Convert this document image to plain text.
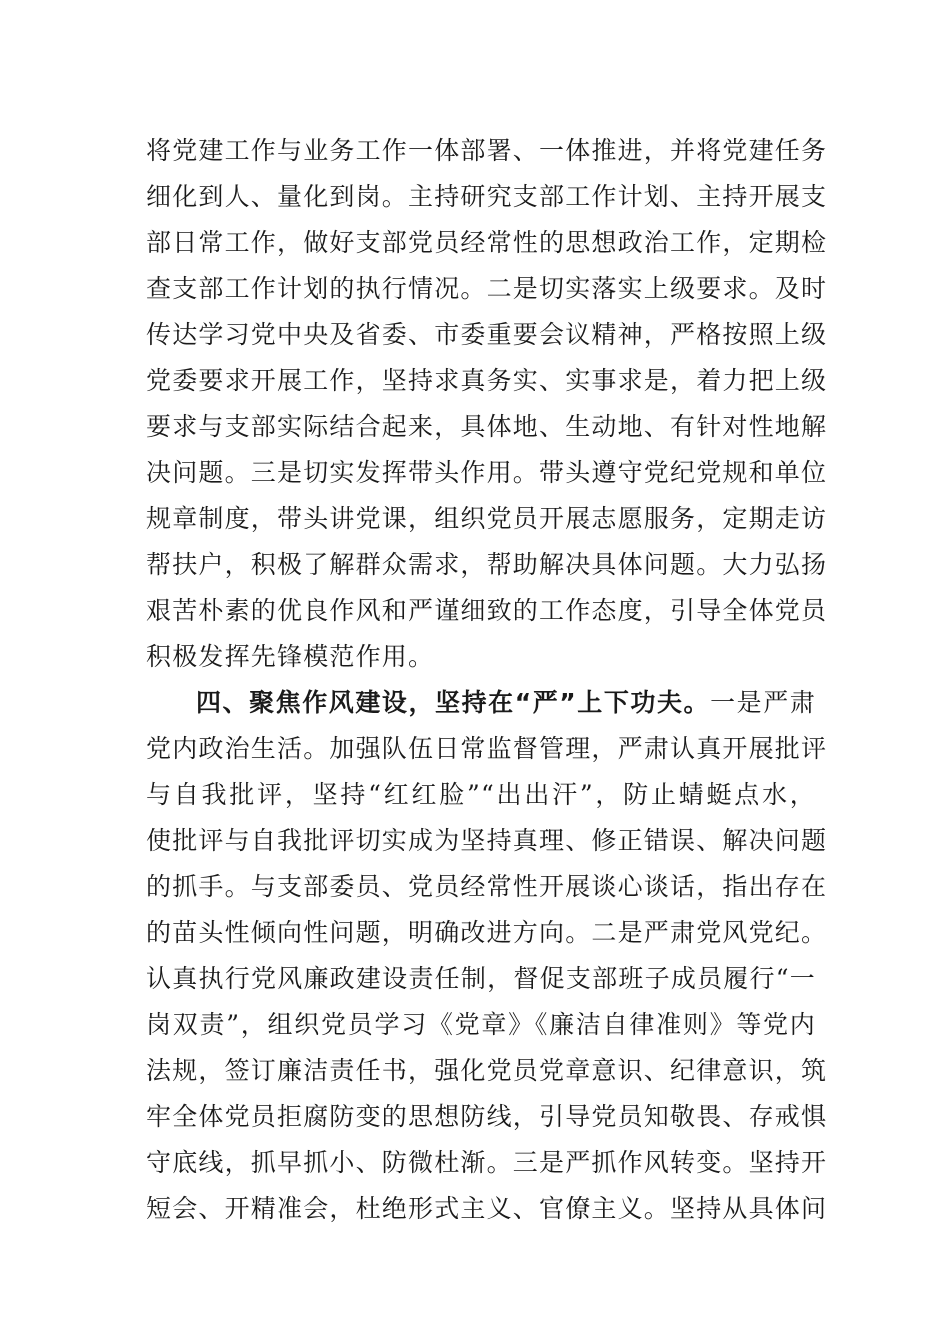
将党建工作与业务工作一体部署、一体推进，并将党建任务
细化到人、量化到岗。主持研究支部工作计划、主持开展支
部日常工作，做好支部党员经常性的思想政治工作，定期检
查支部工作计划的执行情况。二是切实落实上级要求。及时
传达学习党中央及省委、市委重要会议精神，严格按照上级
党委要求开展工作，坚持求真务实、实事求是，着力把上级
要求与支部实际结合起来，具体地、生动地、有针对性地解
决问题。三是切实发挥带头作用。带头遵守党纪党规和单位
规章制度，带头讲党课，组织党员开展志愿服务，定期走访
帮扶户，积极了解群众需求，帮助解决具体问题。大力弘扬
艰苦朴素的优良作风和严谨细致的工作态度，引导全体党员
积极发挥先锋模范作用。
四、聚焦作风建设，坚持在“严”上下功夫。一是严肃
党内政治生活。加强队伍日常监督管理，严肃认真开展批评
与自我批评，坚持“红红脸”“出出汗”，防止蜻蜓点水，
使批评与自我批评切实成为坚持真理、修正错误、解决问题
的抓手。与支部委员、党员经常性开展谈心谈话，指出存在
的苗头性倾向性问题，明确改进方向。二是严肃党风党纪。
认真执行党风廉政建设责任制，督促支部班子成员履行“一
岗双责”，组织党员学习《党章》《廉洁自律准则》等党内
法规，签订廉洁责任书，强化党员党章意识、纪律意识，筑
牢全体党员拒腐防变的思想防线，引导党员知敬畏、存戒惧
守底线，抓早抓小、防微杜渐。三是严抓作风转变。坚持开
短会、开精准会，杜绝形式主义、官僚主义。坚持从具体问
